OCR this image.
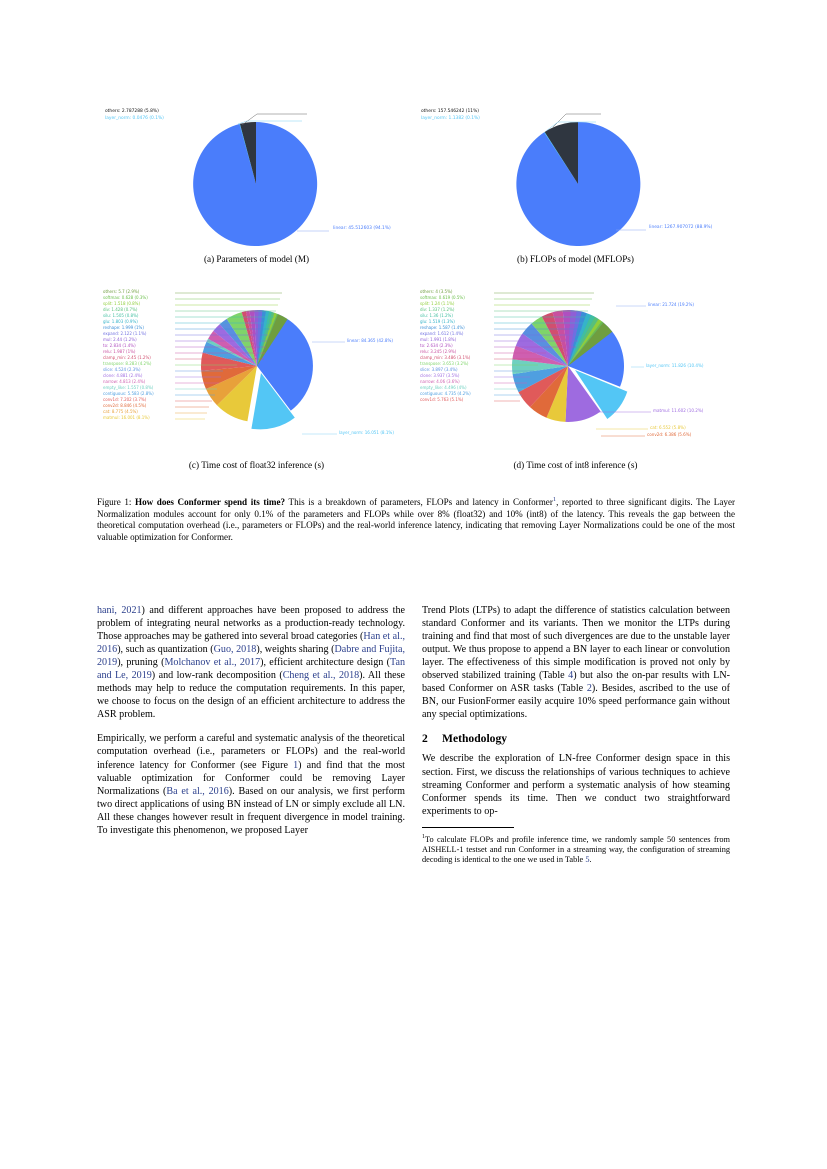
others: 2.787288 (5.8%)
layer_norm: 0.0476 (0.1%)
linear: 45.512603 (94.1%)
(a) Parameters of model (M)
others: 157.546242 (11%)
layer_norm: 1.1382 (0.1%)
linear: 1267.907072 (88.9%)
(b) FLOPs of model (MFLOPs)
others: 5.7 (2.9%)
softmax: 0.628 (0.3%)
split: 1.518 (0.8%)
div: 1.428 (0.7%)
silu: 1.505 (0.8%)
glu: 1.803 (0.9%)
reshape: 1.999 (1%)
expand: 2.122 (1.1%)
mul: 2.44 (1.2%)
to: 2.834 (1.4%)
relu: 1.987 (1%)
clamp_min: 2.45 (1.2%)
transpose: 8.283 (4.2%)
slice: 4.524 (2.3%)
clone: 4.881 (2.4%)
narrow: 4.813 (2.4%)
empty_like: 1.557 (0.8%)
contiguous: 5.583 (2.8%)
conv1d: 7.202 (3.7%)
conv2d: 8.846 (4.5%)
cat: 8.775 (4.5%)
matmul: 16.001 (8.1%)
linear: 84.365 (42.8%)
layer_norm: 16.051 (8.1%)
(c) Time cost of float32 inference (s)
others: 4 (3.5%)
softmax: 0.619 (0.5%)
split: 1.24 (1.1%)
div: 1.337 (1.2%)
silu: 1.36 (1.2%)
glu: 1.519 (1.3%)
reshape: 1.587 (1.4%)
expand: 1.612 (1.4%)
mul: 1.991 (1.8%)
to: 2.634 (2.3%)
relu: 3.245 (2.9%)
clamp_min: 3.486 (3.1%)
transpose: 3.653 (3.2%)
slice: 3.897 (3.4%)
clone: 3.937 (3.5%)
narrow: 4.06 (3.6%)
empty_like: 4.496 (4%)
contiguous: 4.735 (4.2%)
conv1d: 5.763 (5.1%)
linear: 21.724 (19.2%)
layer_norm: 11.826 (10.4%)
matmul: 11.602 (10.2%)
cat: 6.552 (5.8%)
conv2d: 6.386 (5.6%)
(d) Time cost of int8 inference (s)
Figure 1: How does Conformer spend its time? This is a breakdown of parameters, FLOPs and latency in Conformer$^1$, reported to three significant digits. The Layer Normalization modules account for only 0.1% of the parameters and FLOPs while over 8% (float32) and 10% (int8) of the latency. This reveals the gap between the theoretical computation overhead (i.e., parameters or FLOPs) and the real-world inference latency, indicating that removing Layer Normalizations could be one of the most valuable optimization for Conformer.

hani, 2021) and different approaches have been proposed to address the problem of integrating neural networks as a production-ready technology. Those approaches may be gathered into several broad categories (Han et al., 2016), such as quantization (Guo, 2018), weights sharing (Dabre and Fujita, 2019), pruning (Molchanov et al., 2017), efficient architecture design (Tan and Le, 2019) and low-rank decomposition (Cheng et al., 2018). All these methods may help to reduce the computation requirements. In this paper, we choose to focus on the design of an efficient architecture to address the ASR problem.

Empirically, we perform a careful and systematic analysis of the theoretical computation overhead (i.e., parameters or FLOPs) and the real-world inference latency for Conformer (see Figure 1) and find that the most valuable optimization for Conformer could be removing Layer Normalizations (Ba et al., 2016). Based on our analysis, we first perform two direct applications of using BN instead of LN or simply exclude all LN. All these changes however result in frequent divergence in model training. To investigate this phenomenon, we proposed Layer

Trend Plots (LTPs) to adapt the difference of statistics calculation between standard Conformer and its variants. Then we monitor the LTPs during training and find that most of such divergences are due to the unstable layer output. We thus propose to append a BN layer to each linear or convolution layer. The effectiveness of this simple modification is proved not only by observed stabilized training (Table 4) but also the on-par results with LN-based Conformer on ASR tasks (Table 2). Besides, ascribed to the use of BN, our FusionFormer easily acquire 10% speed performance gain without any special optimizations.

2 Methodology

We describe the exploration of LN-free Conformer design space in this section. First, we discuss the relationships of various techniques to achieve streaming Conformer and perform a systematic analysis of how steaming Conformer spends its time. Then we conduct two straightforward experiments to op-

$^1$To calculate FLOPs and profile inference time, we randomly sample 50 sentences from AISHELL-1 testset and run Conformer in a streaming way, the configuration of streaming decoding is identical to the one we used in Table 5.
